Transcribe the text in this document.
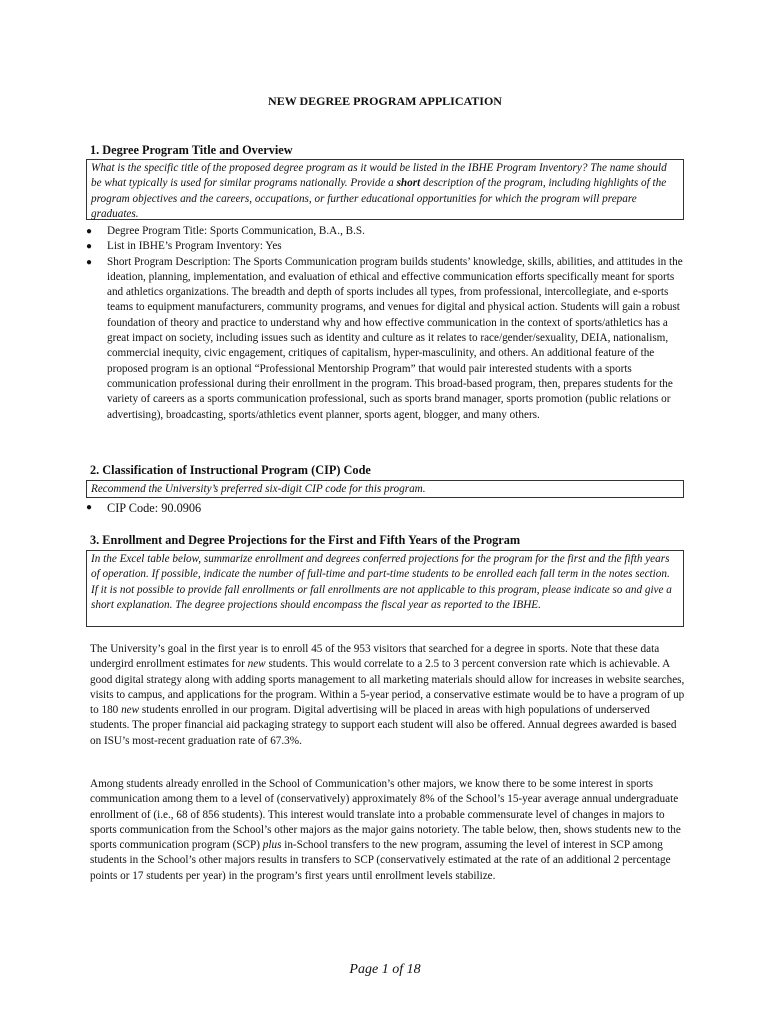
NEW DEGREE PROGRAM APPLICATION
1. Degree Program Title and Overview
What is the specific title of the proposed degree program as it would be listed in the IBHE Program Inventory? The name should be what typically is used for similar programs nationally. Provide a short description of the program, including highlights of the program objectives and the careers, occupations, or further educational opportunities for which the program will prepare graduates.
● Degree Program Title: Sports Communication, B.A., B.S.
● List in IBHE’s Program Inventory: Yes
● Short Program Description: The Sports Communication program builds students’ knowledge, skills, abilities, and attitudes in the ideation, planning, implementation, and evaluation of ethical and effective communication efforts specifically meant for sports and athletics organizations. The breadth and depth of sports includes all types, from professional, intercollegiate, and e-sports teams to equipment manufacturers, community programs, and venues for digital and physical action. Students will gain a robust foundation of theory and practice to understand why and how effective communication in the context of sports/athletics has a great impact on society, including issues such as identity and culture as it relates to race/gender/sexuality, DEIA, nationalism, commercial inequity, civic engagement, critiques of capitalism, hyper-masculinity, and others. An additional feature of the proposed program is an optional “Professional Mentorship Program” that would pair interested students with a sports communication professional during their enrollment in the program. This broad-based program, then, prepares students for the variety of careers as a sports communication professional, such as sports brand manager, sports promotion (public relations or advertising), broadcasting, sports/athletics event planner, sports agent, blogger, and many others.
2. Classification of Instructional Program (CIP) Code
Recommend the University’s preferred six-digit CIP code for this program.
● CIP Code: 90.0906
3. Enrollment and Degree Projections for the First and Fifth Years of the Program
In the Excel table below, summarize enrollment and degrees conferred projections for the program for the first and the fifth years of operation. If possible, indicate the number of full-time and part-time students to be enrolled each fall term in the notes section. If it is not possible to provide fall enrollments or fall enrollments are not applicable to this program, please indicate so and give a short explanation. The degree projections should encompass the fiscal year as reported to the IBHE.

The University’s goal in the first year is to enroll 45 of the 953 visitors that searched for a degree in sports. Note that these data undergird enrollment estimates for new students. This would correlate to a 2.5 to 3 percent conversion rate which is achievable. A good digital strategy along with adding sports management to all marketing materials should allow for increases in website searches, visits to campus, and applications for the program. Within a 5-year period, a conservative estimate would be to have a program of up to 180 new students enrolled in our program. Digital advertising will be placed in areas with high populations of underserved students. The proper financial aid packaging strategy to support each student will also be offered. Annual degrees awarded is based on ISU’s most-recent graduation rate of 67.3%.

Among students already enrolled in the School of Communication’s other majors, we know there to be some interest in sports communication among them to a level of (conservatively) approximately 8% of the School’s 15-year average annual undergraduate enrollment of (i.e., 68 of 856 students). This interest would translate into a probable commensurate level of changes in majors to sports communication from the School’s other majors as the major gains notoriety. The table below, then, shows students new to the sports communication program (SCP) plus in-School transfers to the new program, assuming the level of interest in SCP among students in the School’s other majors results in transfers to SCP (conservatively estimated at the rate of an additional 2 percentage points or 17 students per year) in the program’s first years until enrollment levels stabilize.

Page 1 of 18
